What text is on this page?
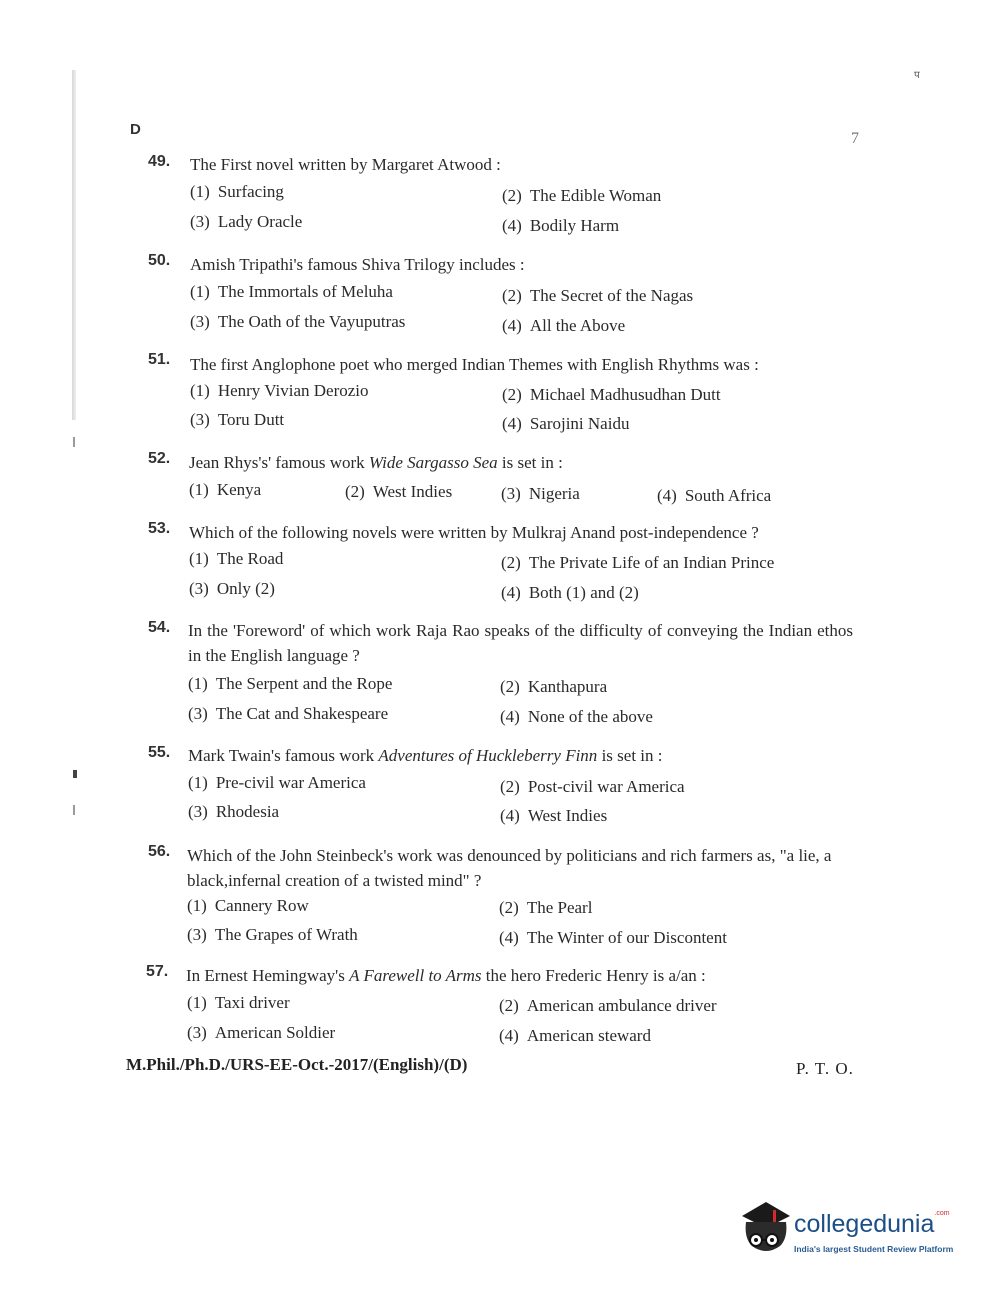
प
D
7
49. The First novel written by Margaret Atwood :
(1) Surfacing	(2) The Edible Woman
(3) Lady Oracle	(4) Bodily Harm
50. Amish Tripathi's famous Shiva Trilogy includes :
(1) The Immortals of Meluha	(2) The Secret of the Nagas
(3) The Oath of the Vayuputras	(4) All the Above
51. The first Anglophone poet who merged Indian Themes with English Rhythms was :
(1) Henry Vivian Derozio	(2) Michael Madhusudhan Dutt
(3) Toru Dutt	(4) Sarojini Naidu
52. Jean Rhys's' famous work Wide Sargasso Sea is set in :
(1) Kenya	(2) West Indies	(3) Nigeria	(4) South Africa
53. Which of the following novels were written by Mulkraj Anand post-independence ?
(1) The Road	(2) The Private Life of an Indian Prince
(3) Only (2)	(4) Both (1) and (2)
54. In the 'Foreword' of which work Raja Rao speaks of the difficulty of conveying the Indian ethos in the English language ?
(1) The Serpent and the Rope	(2) Kanthapura
(3) The Cat and Shakespeare	(4) None of the above
55. Mark Twain's famous work Adventures of Huckleberry Finn is set in :
(1) Pre-civil war America	(2) Post-civil war America
(3) Rhodesia	(4) West Indies
56. Which of the John Steinbeck's work was denounced by politicians and rich farmers as, "a lie, a black,infernal creation of a twisted mind" ?
(1) Cannery Row	(2) The Pearl
(3) The Grapes of Wrath	(4) The Winter of our Discontent
57. In Ernest Hemingway's A Farewell to Arms the hero Frederic Henry is a/an :
(1) Taxi driver	(2) American ambulance driver
(3) American Soldier	(4) American steward
M.Phil./Ph.D./URS-EE-Oct.-2017/(English)/(D)	P. T. O.
collegedunia$^{.com}$
India's largest Student Review Platform
